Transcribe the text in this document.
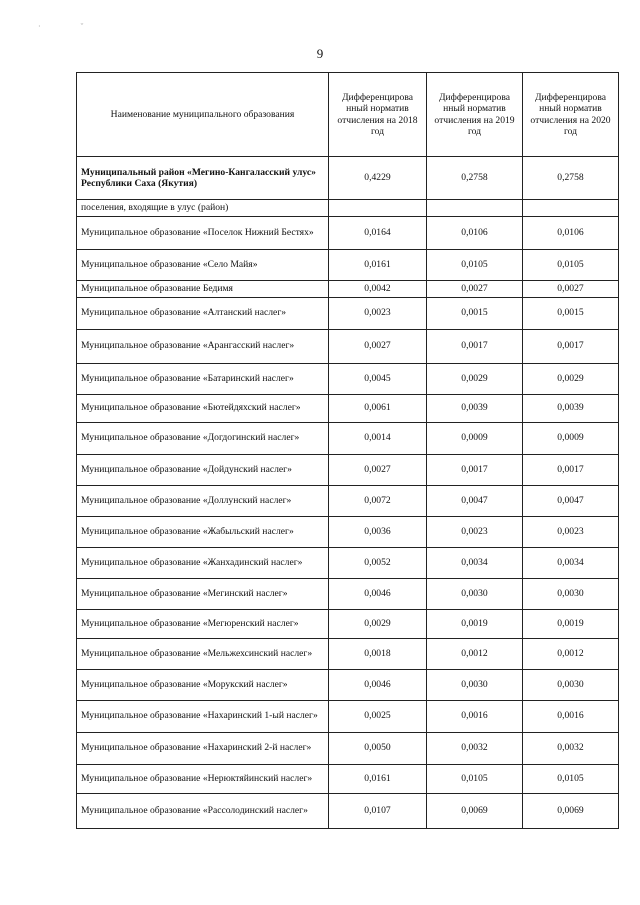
·                    ˇ
9
Наименование муниципального образования	Дифференцирова нный норматив отчисления на 2018 год	Дифференцирова нный норматив отчисления на 2019 год	Дифференцирова нный норматив отчисления на 2020 год
Муниципальный район «Мегино-Кангаласский улус» Республики Саха (Якутия)	0,4229	0,2758	0,2758
поселения, входящие в улус (район)			
Муниципальное образование «Поселок Нижний Бестях»	0,0164	0,0106	0,0106
Муниципальное образование «Село Майя»	0,0161	0,0105	0,0105
Муниципальное образование Бедимя	0,0042	0,0027	0,0027
Муниципальное образование «Алтанский наслег»	0,0023	0,0015	0,0015
Муниципальное образование «Арангасский наслег»	0,0027	0,0017	0,0017
Муниципальное образование «Батаринский наслег»	0,0045	0,0029	0,0029
Муниципальное образование «Бютейдяхский наслег»	0,0061	0,0039	0,0039
Муниципальное образование «Догдогинский наслег»	0,0014	0,0009	0,0009
Муниципальное образование «Дойдунский наслег»	0,0027	0,0017	0,0017
Муниципальное образование «Доллунский наслег»	0,0072	0,0047	0,0047
Муниципальное образование «Жабыльский наслег»	0,0036	0,0023	0,0023
Муниципальное образование «Жанхадинский наслег»	0,0052	0,0034	0,0034
Муниципальное образование «Мегинский наслег»	0,0046	0,0030	0,0030
Муниципальное образование «Мегюренский наслег»	0,0029	0,0019	0,0019
Муниципальное образование «Мельжехсинский наслег»	0,0018	0,0012	0,0012
Муниципальное образование «Морукский наслег»	0,0046	0,0030	0,0030
Муниципальное образование «Нахаринский 1-ый наслег»	0,0025	0,0016	0,0016
Муниципальное образование «Нахаринский 2-й наслег»	0,0050	0,0032	0,0032
Муниципальное образование «Нерюктяйинский наслег»	0,0161	0,0105	0,0105
Муниципальное образование «Рассолодинский наслег»	0,0107	0,0069	0,0069
